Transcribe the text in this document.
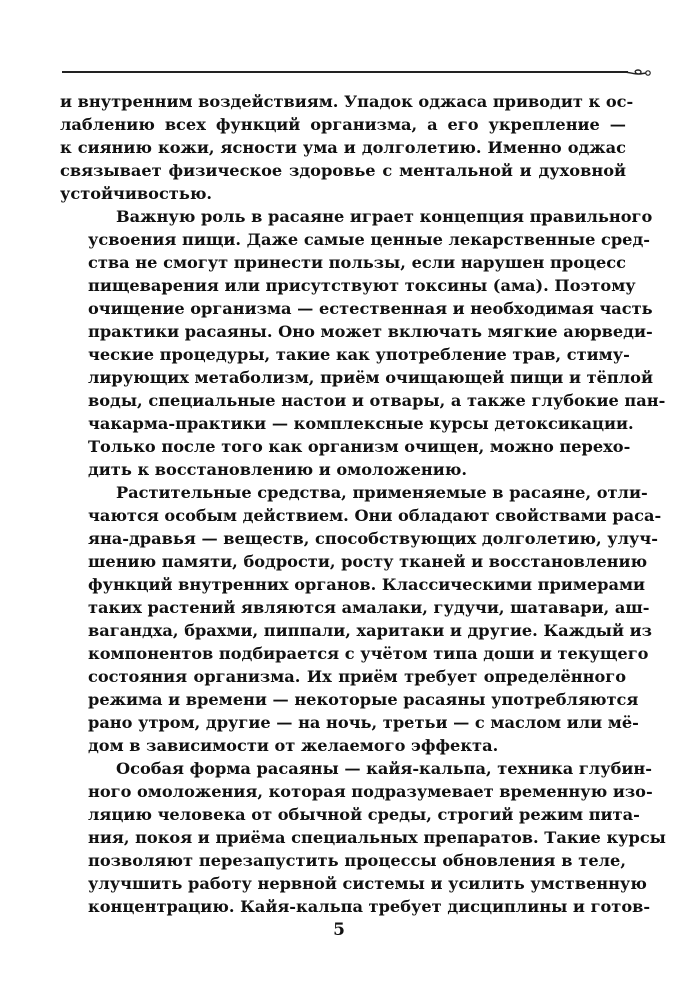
и внутренним воздействиям. Упадок оджаса приводит к ос-
лаблению всех функций организма, а его укрепление —
к сиянию кожи, ясности ума и долголетию. Именно оджас
связывает физическое здоровье с ментальной и духовной
устойчивостью.
Важную роль в расаяне играет концепция правильного
усвоения пищи. Даже самые ценные лекарственные сред-
ства не смогут принести пользы, если нарушен процесс
пищеварения или присутствуют токсины (ама). Поэтому
очищение организма — естественная и необходимая часть
практики расаяны. Оно может включать мягкие аюрведи-
ческие процедуры, такие как употребление трав, стиму-
лирующих метаболизм, приём очищающей пищи и тёплой
воды, специальные настои и отвары, а также глубокие пан-
чакарма-практики — комплексные курсы детоксикации.
Только после того как организм очищен, можно перехо-
дить к восстановлению и омоложению.
Растительные средства, применяемые в расаяне, отли-
чаются особым действием. Они обладают свойствами раса-
яна-дравья — веществ, способствующих долголетию, улуч-
шению памяти, бодрости, росту тканей и восстановлению
функций внутренних органов. Классическими примерами
таких растений являются амалаки, гудучи, шатавари, аш-
вагандха, брахми, пиппали, харитаки и другие. Каждый из
компонентов подбирается с учётом типа доши и текущего
состояния организма. Их приём требует определённого
режима и времени — некоторые расаяны употребляются
рано утром, другие — на ночь, третьи — с маслом или мё-
дом в зависимости от желаемого эффекта.
Особая форма расаяны — кайя-кальпа, техника глубин-
ного омоложения, которая подразумевает временную изо-
ляцию человека от обычной среды, строгий режим пита-
ния, покоя и приёма специальных препаратов. Такие курсы
позволяют перезапустить процессы обновления в теле,
улучшить работу нервной системы и усилить умственную
концентрацию. Кайя-кальпа требует дисциплины и готов-
5
